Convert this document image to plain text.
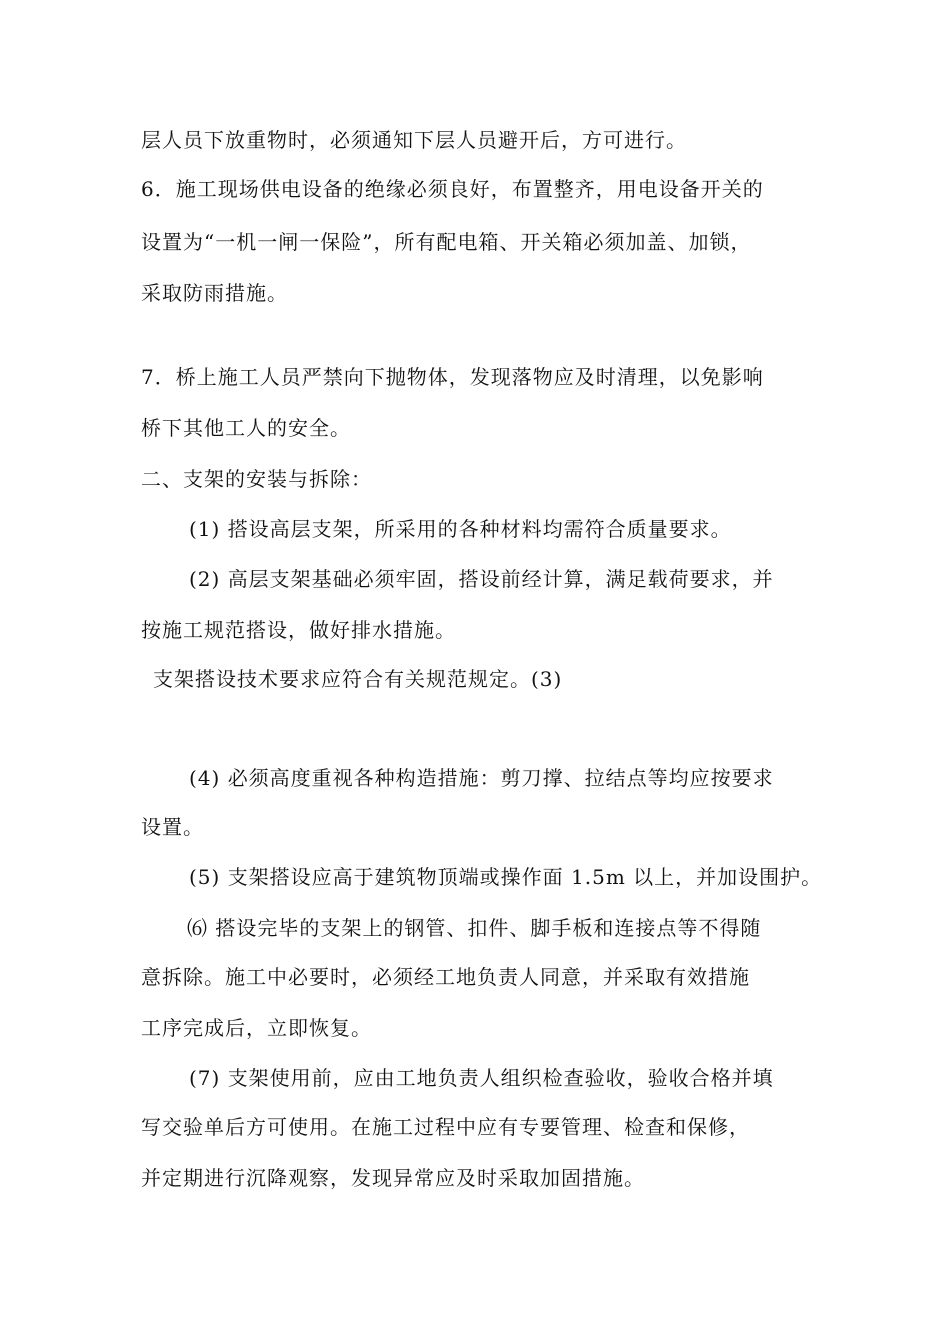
层人员下放重物时，必须通知下层人员避开后，方可进行。
6．施工现场供电设备的绝缘必须良好，布置整齐，用电设备开关的
设置为“一机一闸一保险”，所有配电箱、开关箱必须加盖、加锁，
采取防雨措施。
7．桥上施工人员严禁向下抛物体，发现落物应及时清理，以免影响
桥下其他工人的安全。
二、支架的安装与拆除：
(1) 搭设高层支架，所采用的各种材料均需符合质量要求。
(2) 高层支架基础必须牢固，搭设前经计算，满足载荷要求，并
按施工规范搭设，做好排水措施。
支架搭设技术要求应符合有关规范规定。(3)
(4) 必须高度重视各种构造措施：剪刀撑、拉结点等均应按要求
设置。
(5) 支架搭设应高于建筑物顶端或操作面 1.5m 以上，并加设围护。
⑹ 搭设完毕的支架上的钢管、扣件、脚手板和连接点等不得随
意拆除。施工中必要时，必须经工地负责人同意，并采取有效措施
工序完成后，立即恢复。
(7) 支架使用前，应由工地负责人组织检查验收，验收合格并填
写交验单后方可使用。在施工过程中应有专要管理、检查和保修，
并定期进行沉降观察，发现异常应及时采取加固措施。
